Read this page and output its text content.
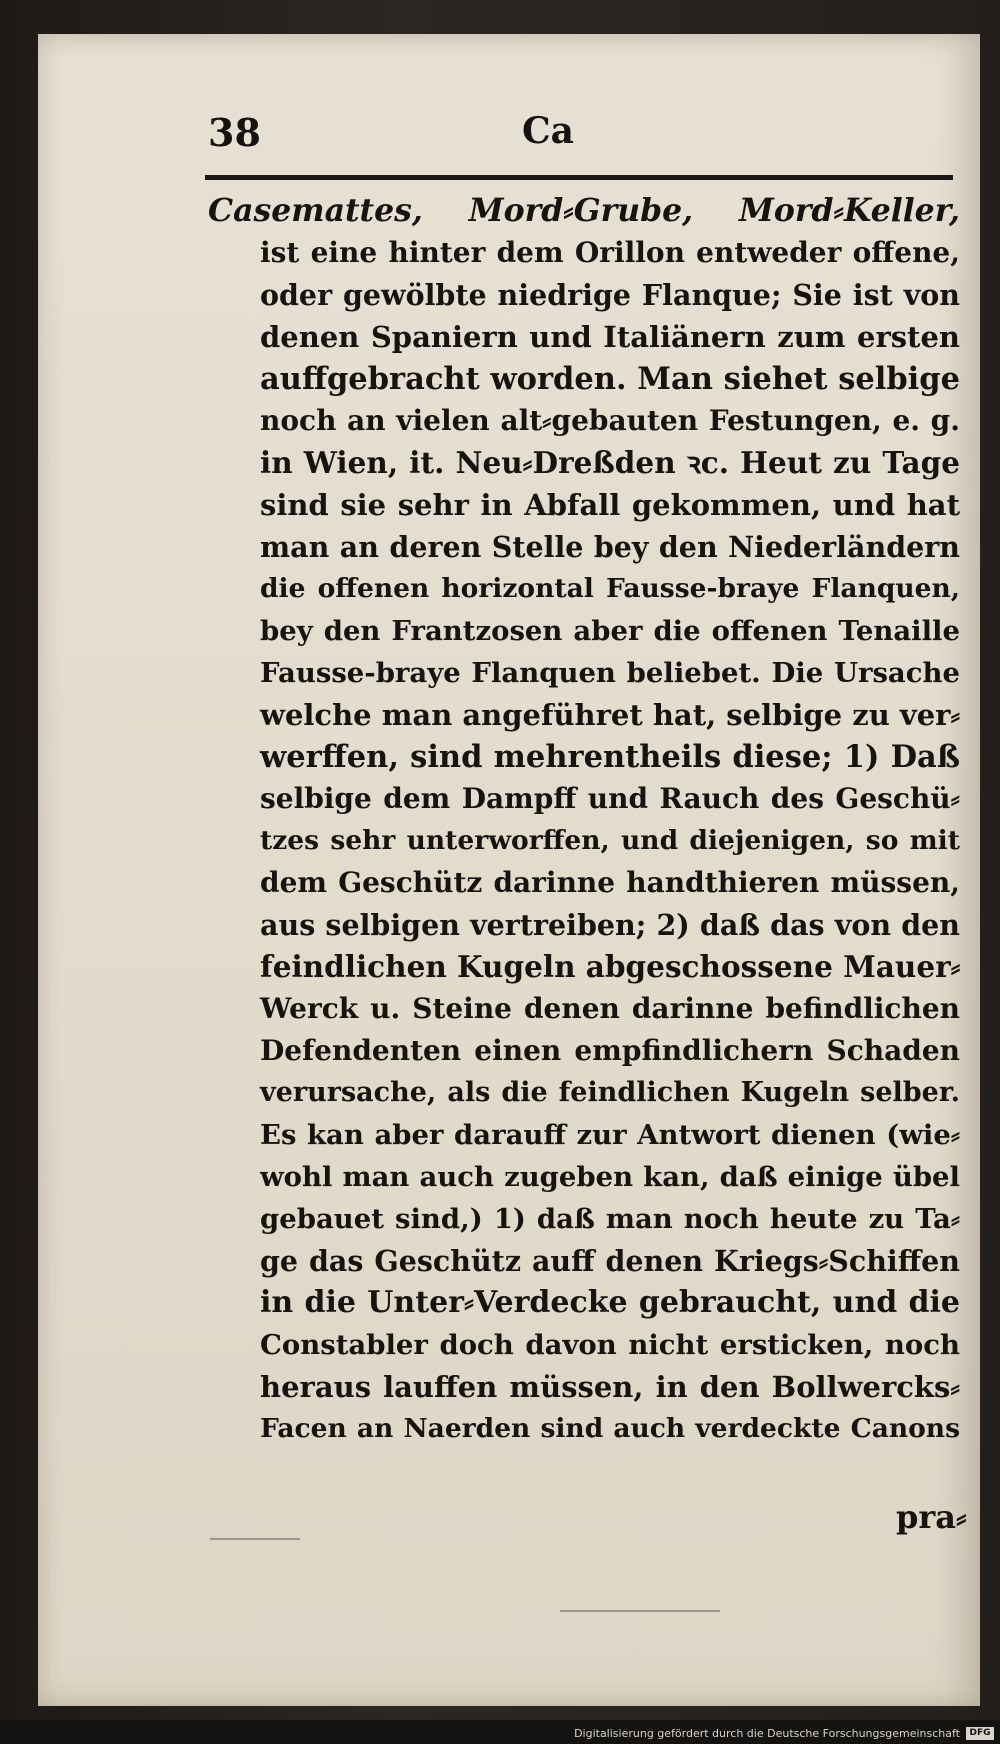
38	Ca
Casemattes, Mord⸗Grube, Mord⸗Keller,
ist eine hinter dem Orillon entweder offene,
oder gewölbte niedrige Flanque; Sie ist von
denen Spaniern und Italiänern zum ersten
auffgebracht worden. Man siehet selbige
noch an vielen alt⸗gebauten Festungen, e. g.
in Wien, it. Neu⸗Dreßden ꝛc. Heut zu Tage
sind sie sehr in Abfall gekommen, und hat
man an deren Stelle bey den Niederländern
die offenen horizontal Fausse-braye Flanquen,
bey den Frantzosen aber die offenen Tenaille
Fausse-braye Flanquen beliebet. Die Ursache
welche man angeführet hat, selbige zu ver⸗
werffen, sind mehrentheils diese; 1) Daß
selbige dem Dampff und Rauch des Geschü⸗
tzes sehr unterworffen, und diejenigen, so mit
dem Geschütz darinne handthieren müssen,
aus selbigen vertreiben; 2) daß das von den
feindlichen Kugeln abgeschossene Mauer⸗
Werck u. Steine denen darinne befindlichen
Defendenten einen empfindlichern Schaden
verursache, als die feindlichen Kugeln selber.
Es kan aber darauff zur Antwort dienen (wie⸗
wohl man auch zugeben kan, daß einige übel
gebauet sind,) 1) daß man noch heute zu Ta⸗
ge das Geschütz auff denen Kriegs⸗Schiffen
in die Unter⸗Verdecke gebraucht, und die
Constabler doch davon nicht ersticken, noch
heraus lauffen müssen, in den Bollwercks⸗
Facen an Naerden sind auch verdeckte Canons
pra⸗
Digitalisierung gefördert durch die Deutsche Forschungsgemeinschaft	DFG
